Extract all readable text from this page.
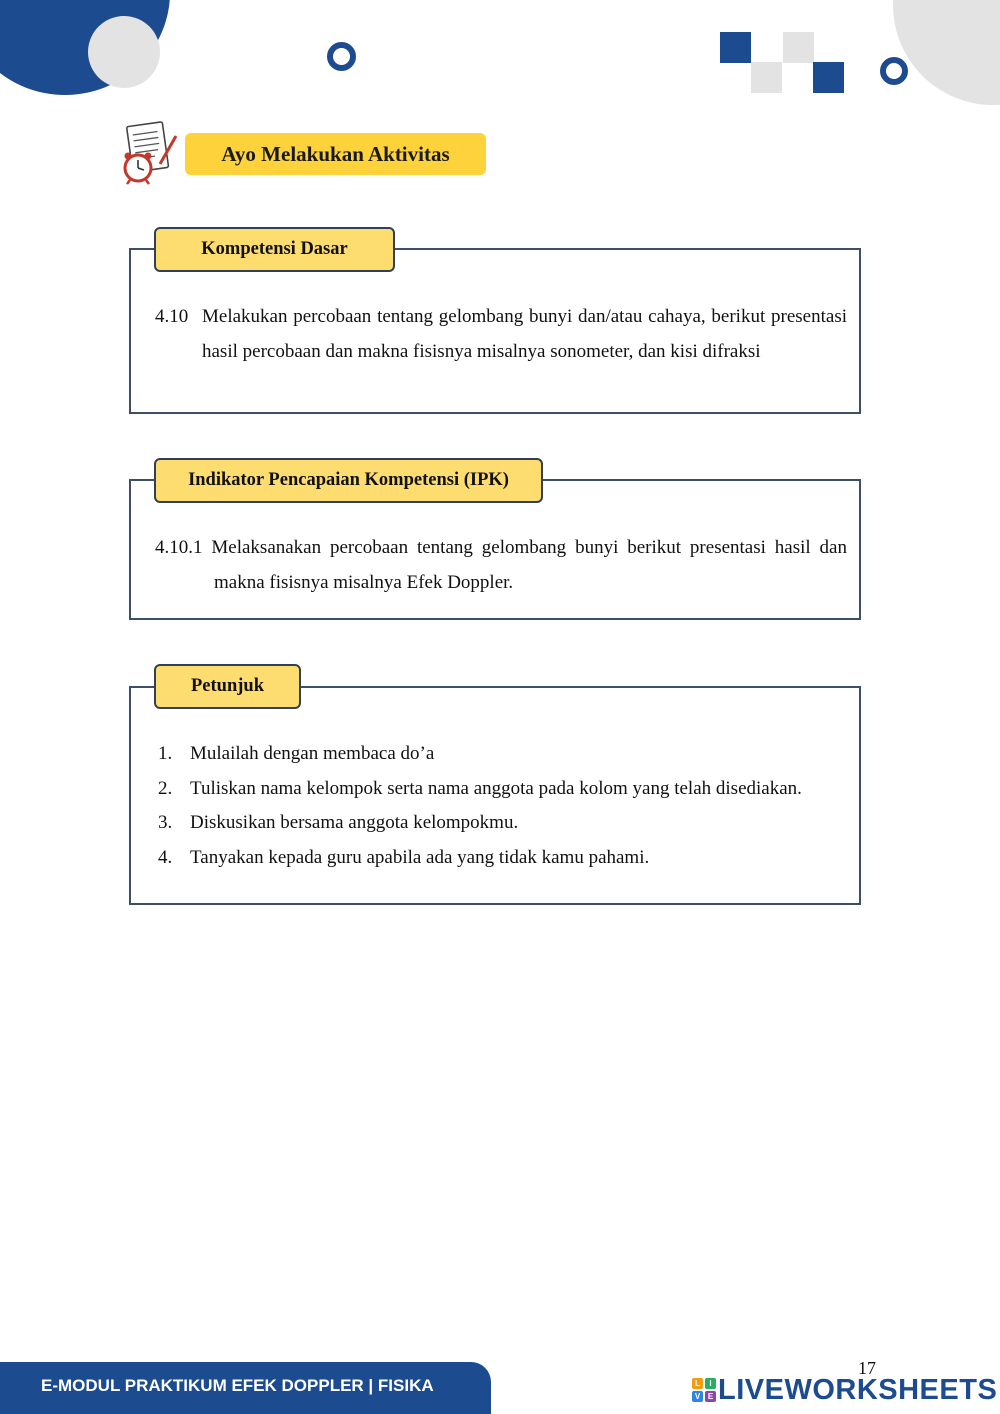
Ayo Melakukan Aktivitas
Kompetensi Dasar
4.10 Melakukan percobaan tentang gelombang bunyi dan/atau cahaya, berikut presentasi hasil percobaan dan makna fisisnya misalnya sonometer, dan kisi difraksi
Indikator Pencapaian Kompetensi (IPK)
4.10.1 Melaksanakan percobaan tentang gelombang bunyi berikut presentasi hasil dan
makna fisisnya misalnya Efek Doppler.
Petunjuk
1. Mulailah dengan membaca do’a
2. Tuliskan nama kelompok serta nama anggota pada kolom yang telah disediakan.
3. Diskusikan bersama anggota kelompokmu.
4. Tanyakan kepada guru apabila ada yang tidak kamu pahami.
E-MODUL PRAKTIKUM EFEK DOPPLER | FISIKA
17
L	I
V E LIVEWORKSHEETS
